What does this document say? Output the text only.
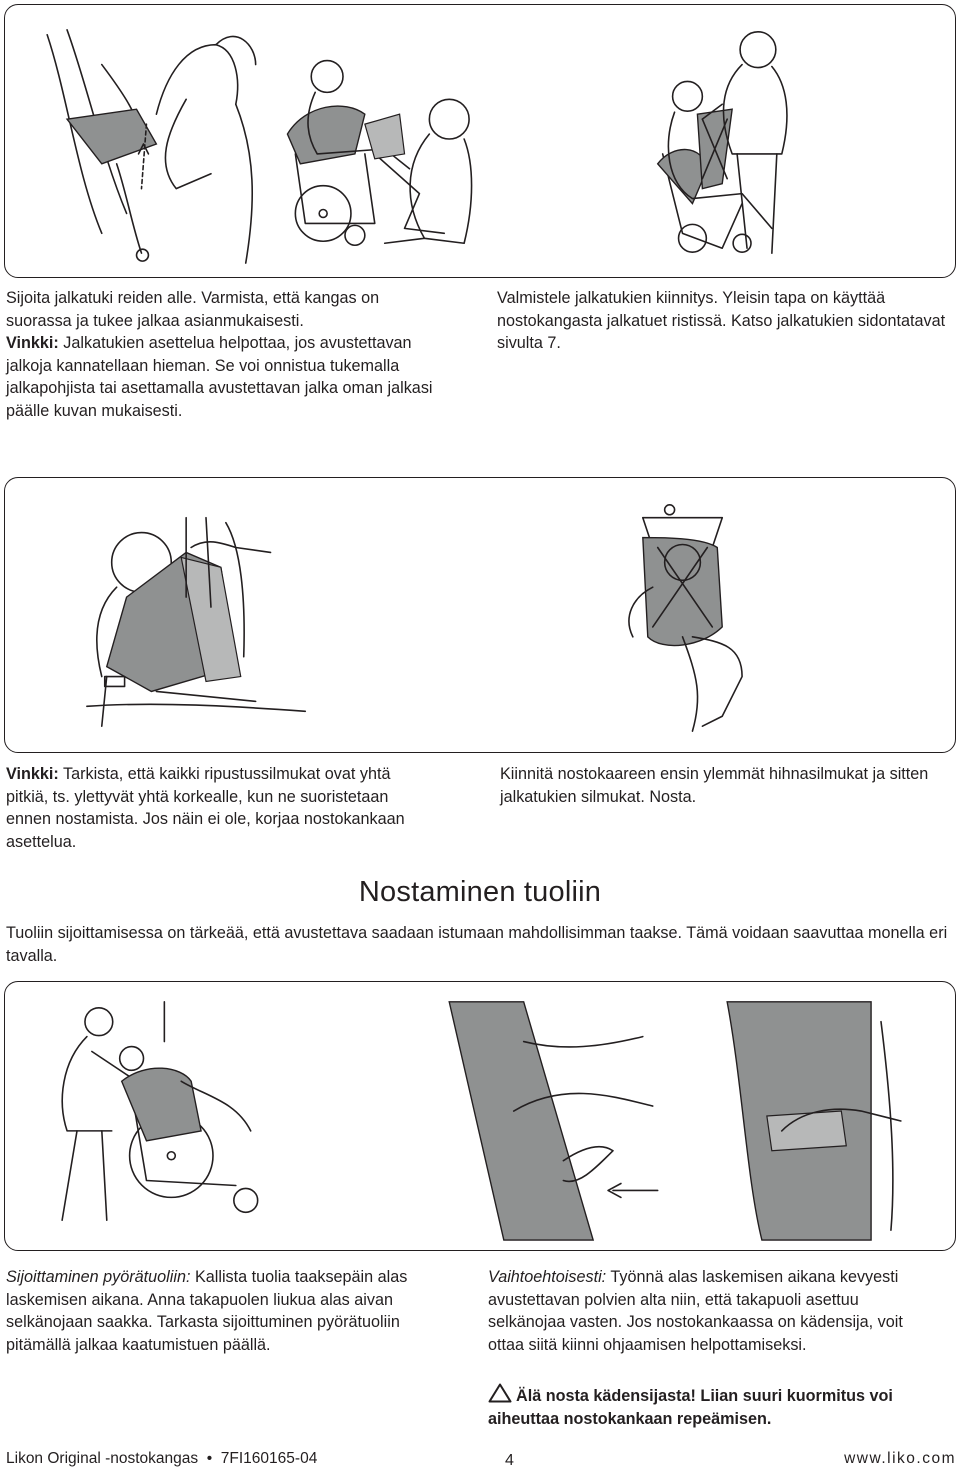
Sijoita jalkatuki reiden alle. Varmista, että kangas on suorassa ja tukee jalkaa asianmukaisesti.
Vinkki: Jalkatukien asettelua helpottaa, jos avustettavan jalkoja kannatellaan hieman. Se voi onnistua tukemalla jalkapohjista tai asettamalla avustettavan jalka oman jalkasi päälle kuvan mukaisesti.
Valmistele jalkatukien kiinnitys. Yleisin tapa on käyttää nostokangasta jalkatuet ristissä. Katso jalkatukien sidontatavat sivulta 7.
Vinkki: Tarkista, että kaikki ripustussilmukat ovat yhtä pitkiä, ts. ylettyvät yhtä korkealle, kun ne suoristetaan ennen nostamista. Jos näin ei ole, korjaa nostokankaan asettelua.
Kiinnitä nostokaareen ensin ylemmät hihnasilmukat ja sitten jalkatukien silmukat. Nosta.
Nostaminen tuoliin
Tuoliin sijoittamisessa on tärkeää, että avustettava saadaan istumaan mahdollisimman taakse. Tämä voidaan saavuttaa monella eri tavalla.
Sijoittaminen pyörätuoliin: Kallista tuolia taaksepäin alas laskemisen aikana. Anna takapuolen liukua alas aivan selkänojaan saakka. Tarkasta sijoittuminen pyörätuoliin pitämällä jalkaa kaatumistuen päällä.
Vaihtoehtoisesti: Työnnä alas laskemisen aikana kevyesti avustettavan polvien alta niin, että takapuoli asettuu selkänojaa vasten. Jos nostokankaassa on kädensija, voit ottaa siitä kiinni ohjaamisen helpottamiseksi.
Älä nosta kädensijasta! Liian suuri kuormitus voi aiheuttaa nostokankaan repeämisen.
Likon Original -nostokangas  •  7FI160165-04	4	www.liko.com
